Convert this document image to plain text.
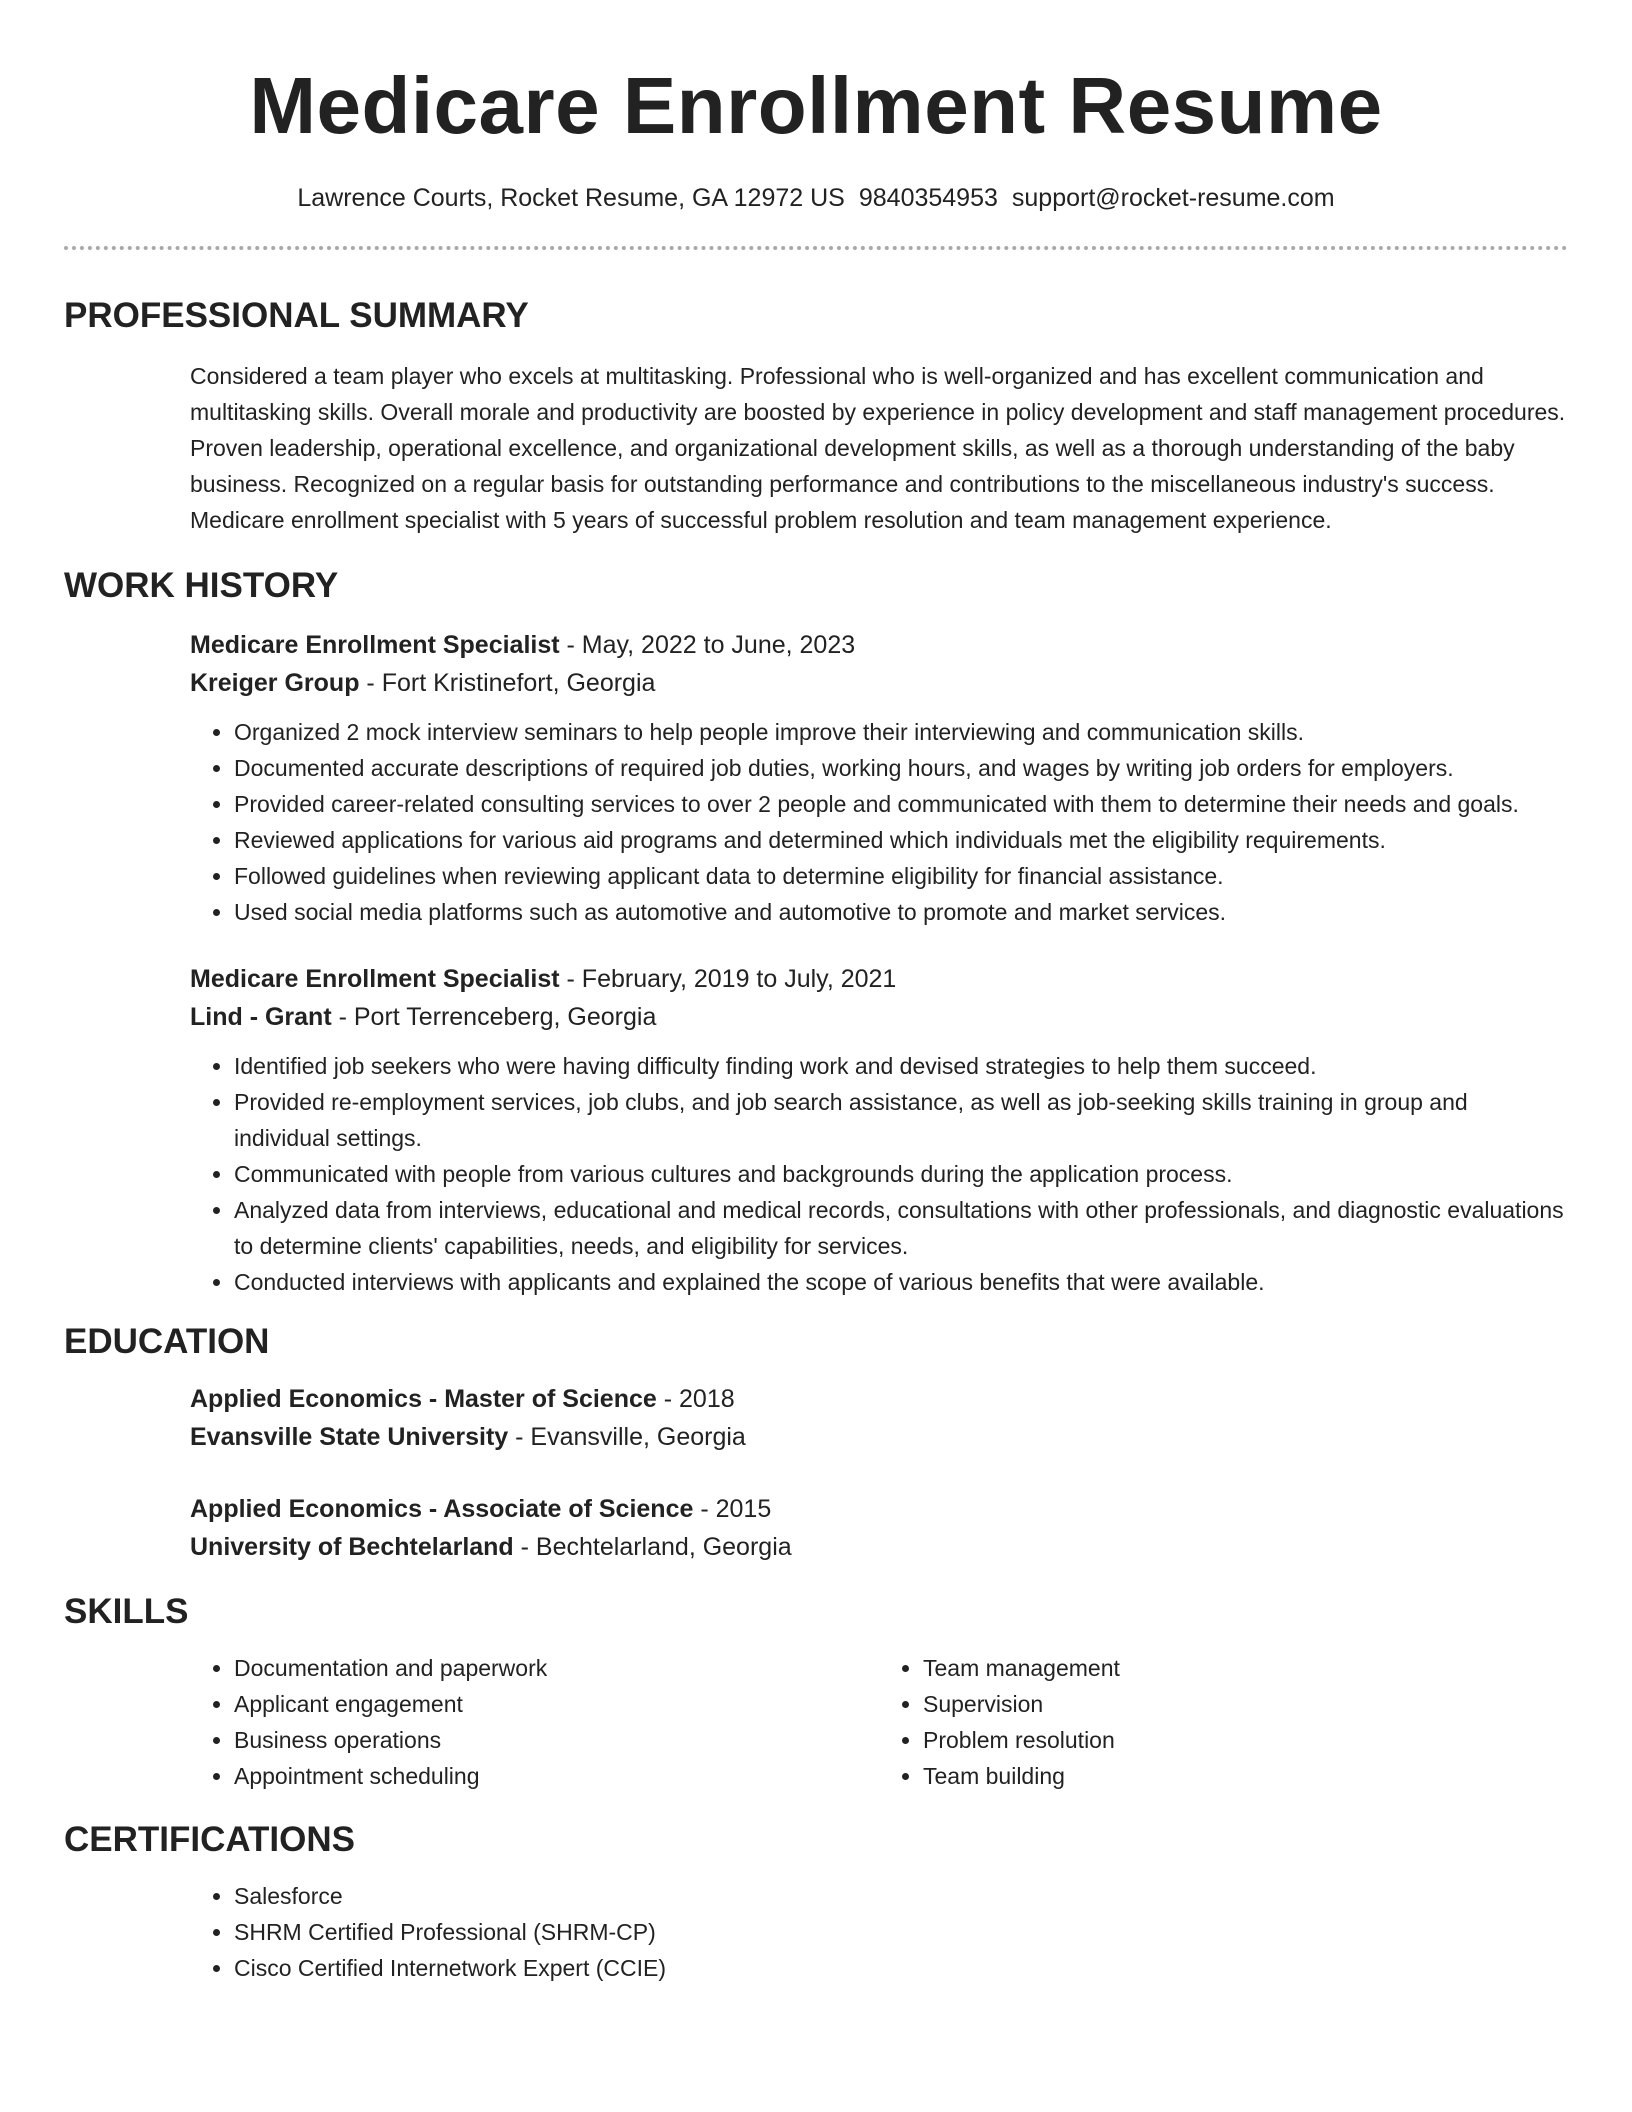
Medicare Enrollment Resume
Lawrence Courts, Rocket Resume, GA 12972 US 9840354953 support@rocket-resume.com
PROFESSIONAL SUMMARY
Considered a team player who excels at multitasking. Professional who is well-organized and has excellent communication and multitasking skills. Overall morale and productivity are boosted by experience in policy development and staff management procedures. Proven leadership, operational excellence, and organizational development skills, as well as a thorough understanding of the baby business. Recognized on a regular basis for outstanding performance and contributions to the miscellaneous industry's success. Medicare enrollment specialist with 5 years of successful problem resolution and team management experience.
WORK HISTORY
Medicare Enrollment Specialist - May, 2022 to June, 2023
Kreiger Group - Fort Kristinefort, Georgia
• Organized 2 mock interview seminars to help people improve their interviewing and communication skills.
• Documented accurate descriptions of required job duties, working hours, and wages by writing job orders for employers.
• Provided career-related consulting services to over 2 people and communicated with them to determine their needs and goals.
• Reviewed applications for various aid programs and determined which individuals met the eligibility requirements.
• Followed guidelines when reviewing applicant data to determine eligibility for financial assistance.
• Used social media platforms such as automotive and automotive to promote and market services.
Medicare Enrollment Specialist - February, 2019 to July, 2021
Lind - Grant - Port Terrenceberg, Georgia
• Identified job seekers who were having difficulty finding work and devised strategies to help them succeed.
• Provided re-employment services, job clubs, and job search assistance, as well as job-seeking skills training in group and individual settings.
• Communicated with people from various cultures and backgrounds during the application process.
• Analyzed data from interviews, educational and medical records, consultations with other professionals, and diagnostic evaluations to determine clients' capabilities, needs, and eligibility for services.
• Conducted interviews with applicants and explained the scope of various benefits that were available.
EDUCATION
Applied Economics - Master of Science - 2018
Evansville State University - Evansville, Georgia
Applied Economics - Associate of Science - 2015
University of Bechtelarland - Bechtelarland, Georgia
SKILLS
• Documentation and paperwork
• Applicant engagement
• Business operations
• Appointment scheduling
• Team management
• Supervision
• Problem resolution
• Team building
CERTIFICATIONS
• Salesforce
• SHRM Certified Professional (SHRM-CP)
• Cisco Certified Internetwork Expert (CCIE)
